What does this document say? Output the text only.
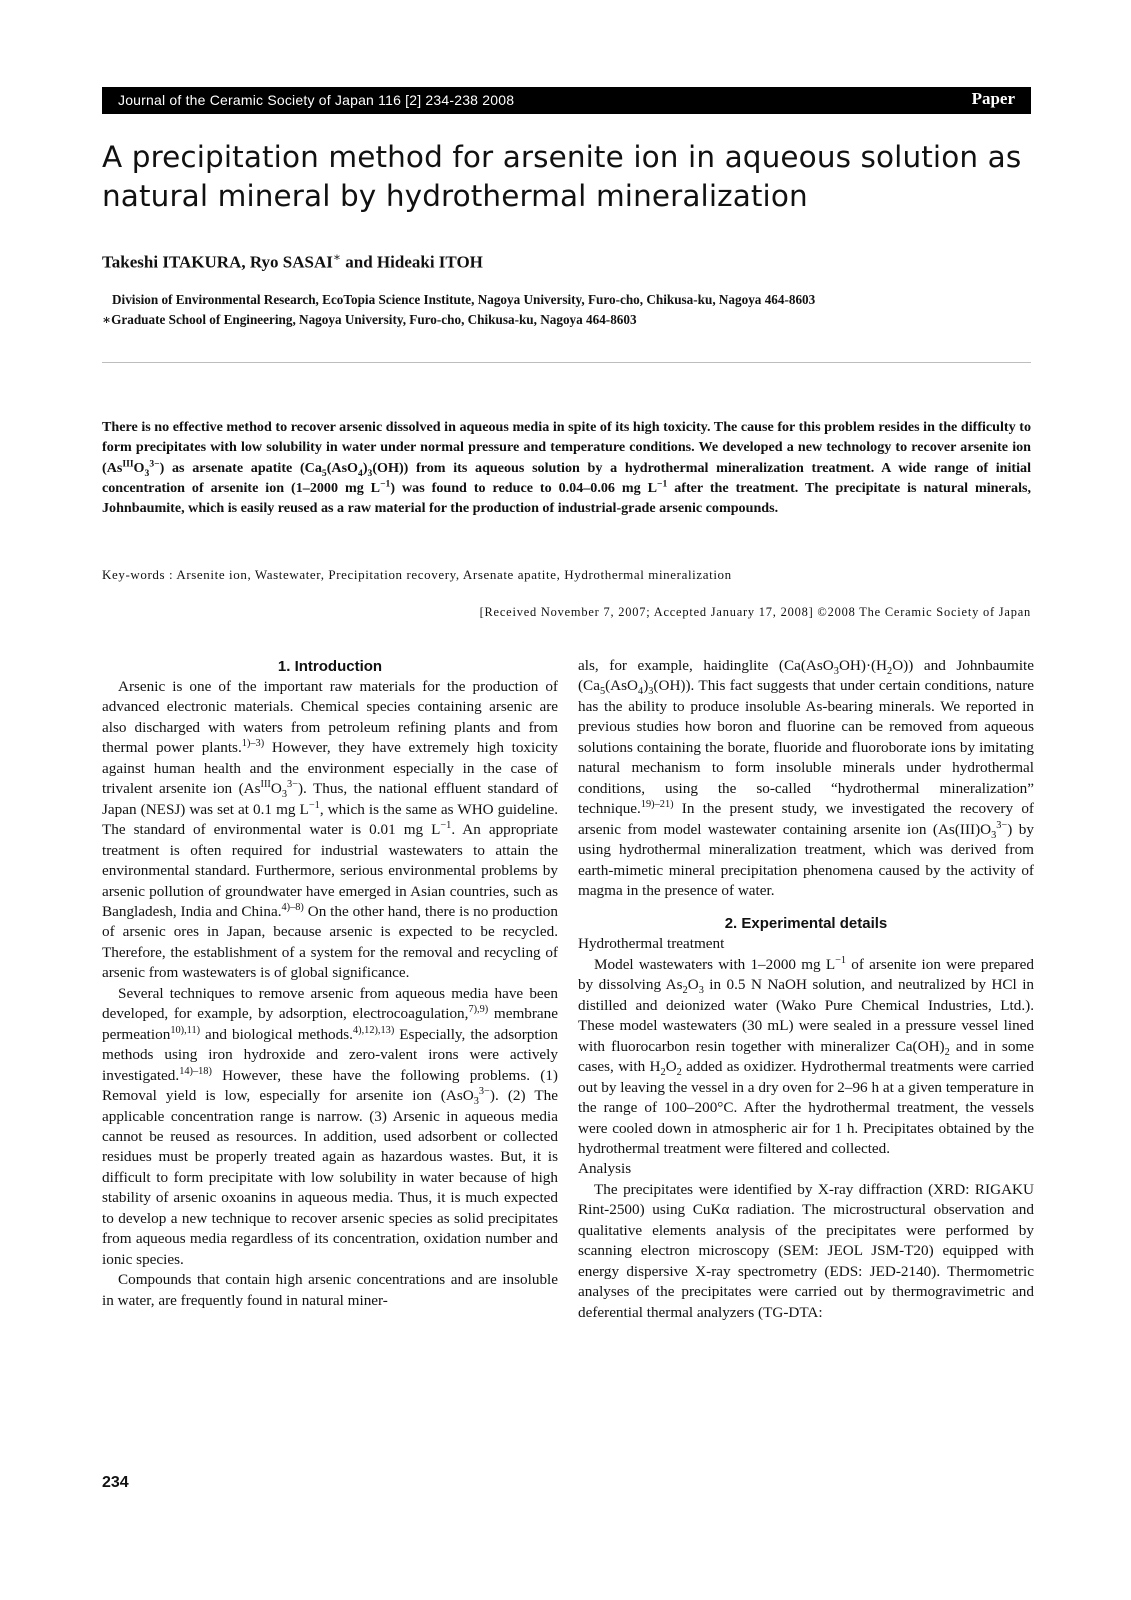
Journal of the Ceramic Society of Japan 116 [2] 234-238 2008	Paper
A precipitation method for arsenite ion in aqueous solution as natural mineral by hydrothermal mineralization
Takeshi ITAKURA, Ryo SASAI∗ and Hideaki ITOH
Division of Environmental Research, EcoTopia Science Institute, Nagoya University, Furo-cho, Chikusa-ku, Nagoya 464-8603
∗Graduate School of Engineering, Nagoya University, Furo-cho, Chikusa-ku, Nagoya 464-8603

There is no effective method to recover arsenic dissolved in aqueous media in spite of its high toxicity. The cause for this problem resides in the difficulty to form precipitates with low solubility in water under normal pressure and temperature conditions. We developed a new technology to recover arsenite ion $(As^{III}O_3^{3-})$ as arsenate apatite $(Ca_5(AsO_4)_3(OH))$ from its aqueous solution by a hydrothermal mineralization treatment. A wide range of initial concentration of arsenite ion (1–2000 mg $L^{-1}$) was found to reduce to 0.04–0.06 mg $L^{-1}$ after the treatment. The precipitate is natural minerals, Johnbaumite, which is easily reused as a raw material for the production of industrial-grade arsenic compounds.

Key-words : Arsenite ion, Wastewater, Precipitation recovery, Arsenate apatite, Hydrothermal mineralization
[Received November 7, 2007; Accepted January 17, 2008] ©2008 The Ceramic Society of Japan
1. Introduction

Arsenic is one of the important raw materials for the production of advanced electronic materials. Chemical species containing arsenic are also discharged with waters from petroleum refining plants and from thermal power plants.$^{1)-3)}$ However, they have extremely high toxicity against human health and the environment especially in the case of trivalent arsenite ion $(As^{III}O_3^{3-})$. Thus, the national effluent standard of Japan (NESJ) was set at 0.1 mg $L^{-1}$, which is the same as WHO guideline. The standard of environmental water is 0.01 mg $L^{-1}$. An appropriate treatment is often required for industrial wastewaters to attain the environmental standard. Furthermore, serious environmental problems by arsenic pollution of groundwater have emerged in Asian countries, such as Bangladesh, India and China.$^{4)-8)}$ On the other hand, there is no production of arsenic ores in Japan, because arsenic is expected to be recycled. Therefore, the establishment of a system for the removal and recycling of arsenic from wastewaters is of global significance.

Several techniques to remove arsenic from aqueous media have been developed, for example, by adsorption, electrocoagulation,$^{7),9)}$ membrane permeation$^{10),11)}$ and biological methods.$^{4),12),13)}$ Especially, the adsorption methods using iron hydroxide and zero-valent irons were actively investigated.$^{14)-18)}$ However, these have the following problems. (1) Removal yield is low, especially for arsenite ion (AsO$_3^{3-}$). (2) The applicable concentration range is narrow. (3) Arsenic in aqueous media cannot be reused as resources. In addition, used adsorbent or collected residues must be properly treated again as hazardous wastes. But, it is difficult to form precipitate with low solubility in water because of high stability of arsenic oxoanins in aqueous media. Thus, it is much expected to develop a new technique to recover arsenic species as solid precipitates from aqueous media regardless of its concentration, oxidation number and ionic species.

Compounds that contain high arsenic concentrations and are insoluble in water, are frequently found in natural miner-

als, for example, haidinglite $(Ca(AsO_3OH)\cdot(H_2O))$ and Johnbaumite $(Ca_5(AsO_4)_3(OH))$. This fact suggests that under certain conditions, nature has the ability to produce insoluble As-bearing minerals. We reported in previous studies how boron and fluorine can be removed from aqueous solutions containing the borate, fluoride and fluoroborate ions by imitating natural mechanism to form insoluble minerals under hydrothermal conditions, using the so-called “hydrothermal mineralization” technique.$^{19)-21)}$ In the present study, we investigated the recovery of arsenic from model wastewater containing arsenite ion $(As(III)O_3^{3-})$ by using hydrothermal mineralization treatment, which was derived from earth-mimetic mineral precipitation phenomena caused by the activity of magma in the presence of water.

2. Experimental details
Hydrothermal treatment

Model wastewaters with 1–2000 mg $L^{-1}$ of arsenite ion were prepared by dissolving $As_2O_3$ in 0.5 N NaOH solution, and neutralized by HCl in distilled and deionized water (Wako Pure Chemical Industries, Ltd.). These model wastewaters (30 mL) were sealed in a pressure vessel lined with fluorocarbon resin together with mineralizer $Ca(OH)_2$ and in some cases, with $H_2O_2$ added as oxidizer. Hydrothermal treatments were carried out by leaving the vessel in a dry oven for 2–96 h at a given temperature in the range of 100–200°C. After the hydrothermal treatment, the vessels were cooled down in atmospheric air for 1 h. Precipitates obtained by the hydrothermal treatment were filtered and collected.

Analysis

The precipitates were identified by X-ray diffraction (XRD: RIGAKU Rint-2500) using CuKα radiation. The microstructural observation and qualitative elements analysis of the precipitates were performed by scanning electron microscopy (SEM: JEOL JSM-T20) equipped with energy dispersive X-ray spectrometry (EDS: JED-2140). Thermometric analyses of the precipitates were carried out by thermogravimetric and deferential thermal analyzers (TG-DTA:

234
